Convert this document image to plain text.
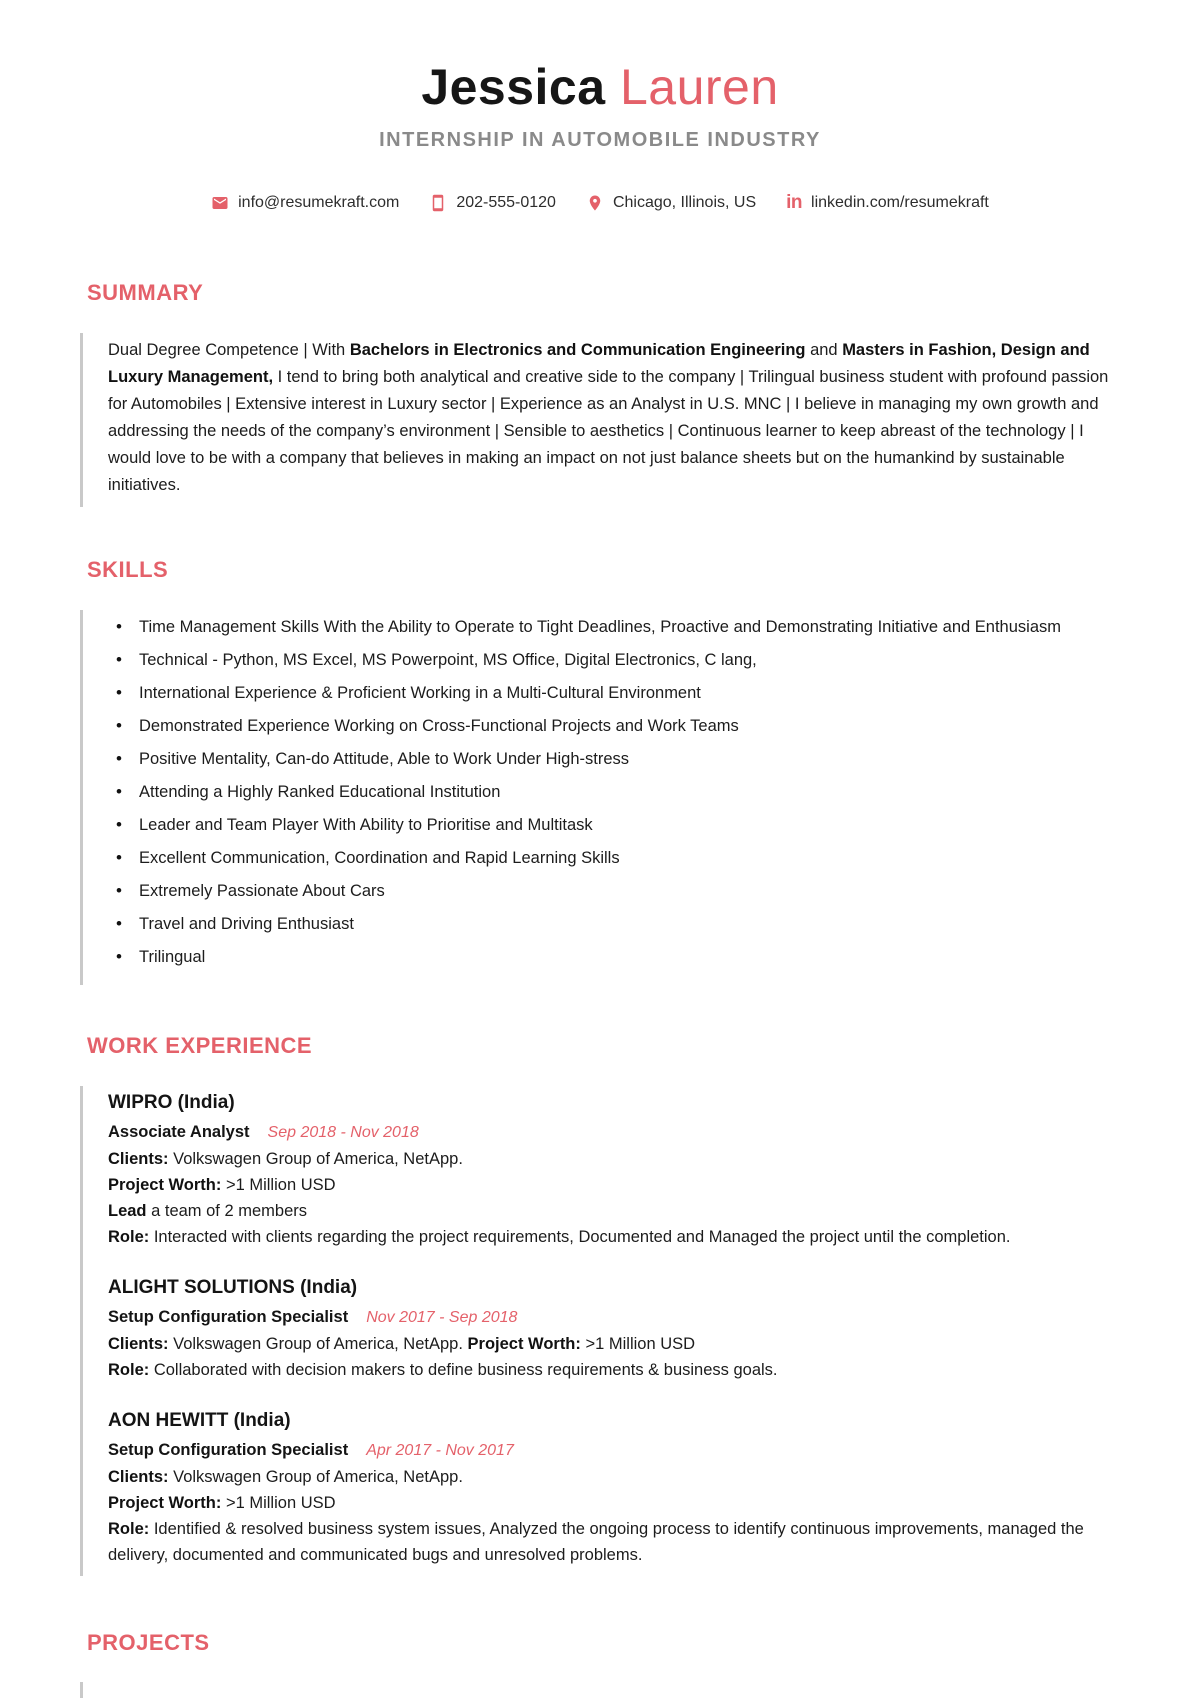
Jessica Lauren
INTERNSHIP IN AUTOMOBILE INDUSTRY
info@resumekraft.com	202-555-0120	Chicago, Illinois, US in linkedin.com/resumekraft
SUMMARY

Dual Degree Competence | With Bachelors in Electronics and Communication Engineering and Masters in Fashion, Design and Luxury Management, I tend to bring both analytical and creative side to the company | Trilingual business student with profound passion for Automobiles | Extensive interest in Luxury sector | Experience as an Analyst in U.S. MNC | I believe in managing my own growth and addressing the needs of the company’s environment | Sensible to aesthetics | Continuous learner to keep abreast of the technology | I would love to be with a company that believes in making an impact on not just balance sheets but on the humankind by sustainable initiatives.

SKILLS
• Time Management Skills With the Ability to Operate to Tight Deadlines, Proactive and Demonstrating Initiative and Enthusiasm
• Technical - Python, MS Excel, MS Powerpoint, MS Office, Digital Electronics, C lang,
• International Experience & Proficient Working in a Multi-Cultural Environment
• Demonstrated Experience Working on Cross-Functional Projects and Work Teams
• Positive Mentality, Can-do Attitude, Able to Work Under High-stress
• Attending a Highly Ranked Educational Institution
• Leader and Team Player With Ability to Prioritise and Multitask
• Excellent Communication, Coordination and Rapid Learning Skills
• Extremely Passionate About Cars
• Travel and Driving Enthusiast
• Trilingual
WORK EXPERIENCE
WIPRO (India)
Associate Analyst Sep 2018 - Nov 2018
Clients: Volkswagen Group of America, NetApp.
Project Worth: >1 Million USD
Lead a team of 2 members
Role: Interacted with clients regarding the project requirements, Documented and Managed the project until the completion.
ALIGHT SOLUTIONS (India)
Setup Configuration Specialist Nov 2017 - Sep 2018
Clients: Volkswagen Group of America, NetApp. Project Worth: >1 Million USD
Role: Collaborated with decision makers to define business requirements & business goals.
AON HEWITT (India)
Setup Configuration Specialist Apr 2017 - Nov 2017
Clients: Volkswagen Group of America, NetApp.
Project Worth: >1 Million USD
Role: Identified & resolved business system issues, Analyzed the ongoing process to identify continuous improvements, managed the delivery, documented and communicated bugs and unresolved problems.
PROJECTS
